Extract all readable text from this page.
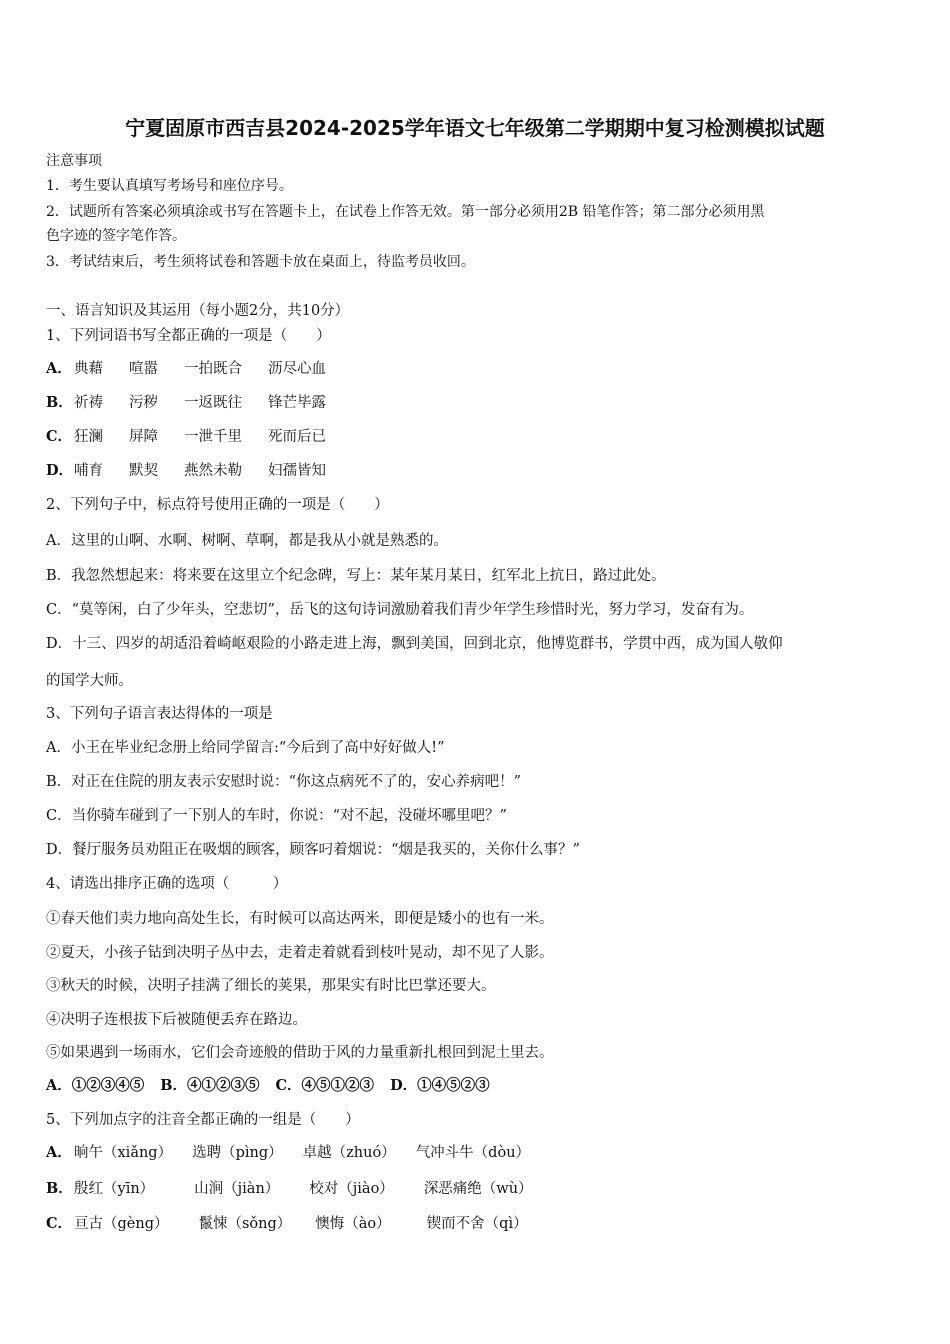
宁夏固原市西吉县2024-2025学年语文七年级第二学期期中复习检测模拟试题
注意事项
1．考生要认真填写考场号和座位序号。
2．试题所有答案必须填涂或书写在答题卡上，在试卷上作答无效。第一部分必须用2B 铅笔作答；第二部分必须用黑
色字迹的签字笔作答。
3．考试结束后，考生须将试卷和答题卡放在桌面上，待监考员收回。
一、语言知识及其运用（每小题2分，共10分）
1、下列词语书写全都正确的一项是（　　）
A． 典藉 喧嚣 一拍既合 沥尽心血
B．祈祷 污秽 一返既往 锋芒毕露
C． 狂澜 屏障 一泄千里 死而后已
D．哺育 默契 燕然未勒 妇孺皆知
2、下列句子中，标点符号使用正确的一项是（　　）
A．这里的山啊、水啊、树啊、草啊，都是我从小就是熟悉的。
B．我忽然想起来：将来要在这里立个纪念碑，写上：某年某月某日，红军北上抗日，路过此处。
C．“莫等闲，白了少年头，空悲切”，岳飞的这句诗词激励着我们青少年学生珍惜时光，努力学习，发奋有为。
D．十三、四岁的胡适沿着崎岖艰险的小路走进上海，飘到美国，回到北京，他博览群书，学贯中西，成为国人敬仰
的国学大师。
3、下列句子语言表达得体的一项是
A．小王在毕业纪念册上给同学留言:“今后到了高中好好做人!”
B．对正在住院的朋友表示安慰时说：“你这点病死不了的，安心养病吧！”
C．当你骑车碰到了一下别人的车时，你说：“对不起，没碰坏哪里吧？”
D．餐厅服务员劝阻正在吸烟的顾客，顾客叼着烟说：“烟是我买的，关你什么事？”
4、请选出排序正确的选项（　　　）
①春天他们卖力地向高处生长，有时候可以高达两米，即便是矮小的也有一米。
②夏天，小孩子钻到决明子丛中去，走着走着就看到枝叶晃动，却不见了人影。
③秋天的时候，决明子挂满了细长的荚果，那果实有时比巴掌还要大。
④决明子连根拔下后被随便丢弃在路边。
⑤如果遇到一场雨水，它们会奇迹般的借助于风的力量重新扎根回到泥土里去。
A．①②③④⑤ B．④①②③⑤ C．④⑤①②③ D．①④⑤②③
5、下列加点字的注音全都正确的一组是（　　）
A． 晌午（xiǎng） 选聘（pìng） 卓越（zhuó） 气冲斗牛（dòu）
B．殷红（yīn）	山涧（jiàn） 校对（jiào） 深恶痛绝（wù）
C． 亘古（gèng） 鬣悚（sǒng） 懊悔（ào） 锲而不舍（qì）
